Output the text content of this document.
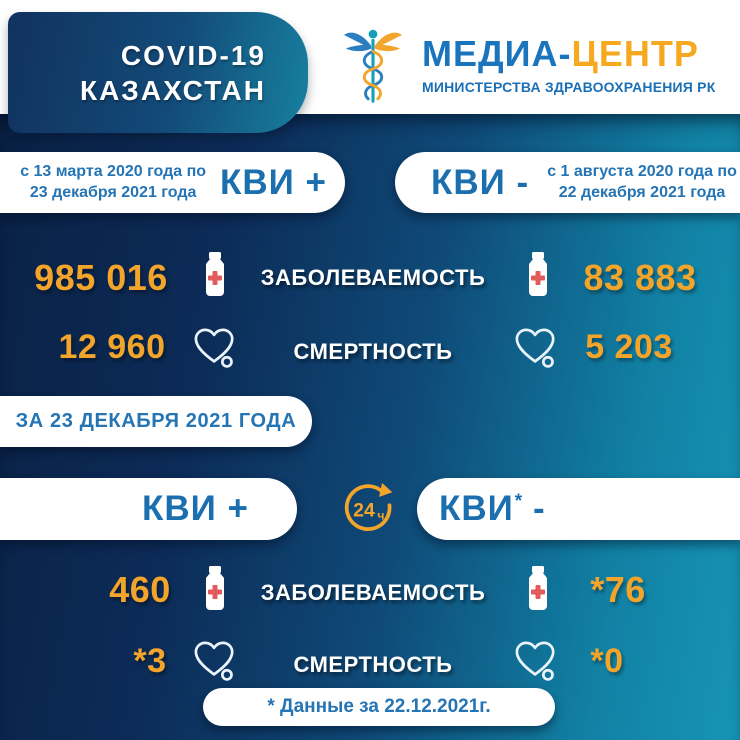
COVID-19
КАЗАХСТАН
МЕДИА-ЦЕНТР
МИНИСТЕРСТВА ЗДРАВООХРАНЕНИЯ РК
с 13 марта 2020 года по
23 декабря 2021 года КВИ +	КВИ - с 1 августа 2020 года по
22 декабря 2021 года
985 016	ЗАБОЛЕВАЕМОСТЬ	83 883
12 960	СМЕРТНОСТЬ	5 203
ЗА 23 ДЕКАБРЯ 2021 ГОДА
КВИ +	24 ч КВИ* -
460	ЗАБОЛЕВАЕМОСТЬ	*76
*3	СМЕРТНОСТЬ	*0
* Данные за 22.12.2021г.
